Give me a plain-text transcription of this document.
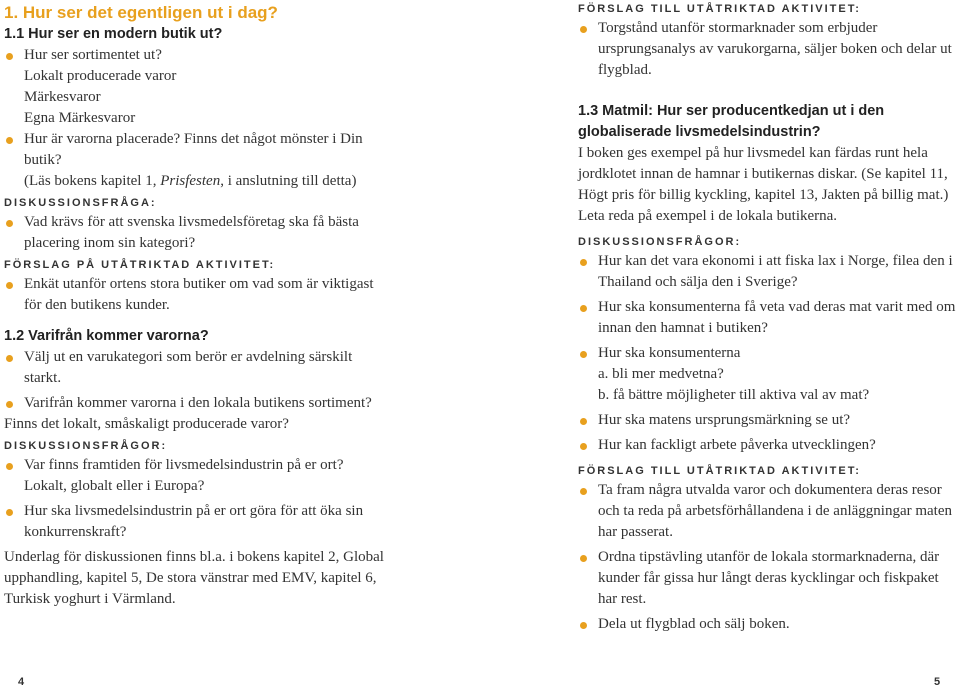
1. Hur ser det egentligen ut i dag?
1.1 Hur ser en modern butik ut?
Hur ser sortimentet ut?
Lokalt producerade varor
Märkesvaror
Egna Märkesvaror
Hur är varorna placerade? Finns det något mönster i Din butik?
(Läs bokens kapitel 1, Prisfesten, i anslutning till detta)
DISKUSSIONSFRÅGA:
Vad krävs för att svenska livsmedelsföretag ska få bästa placering inom sin kategori?
FÖRSLAG PÅ UTÅTRIKTAD AKTIVITET:
Enkät utanför ortens stora butiker om vad som är viktigast för den butikens kunder.
1.2 Varifrån kommer varorna?
Välj ut en varukategori som berör er avdelning särskilt starkt.
Varifrån kommer varorna i den lokala butikens sortiment?
Finns det lokalt, småskaligt producerade varor?
DISKUSSIONSFRÅGOR:
Var finns framtiden för livsmedelsindustrin på er ort? Lokalt, globalt eller i Europa?
Hur ska livsmedelsindustrin på er ort göra för att öka sin konkurrenskraft?
Underlag för diskussionen finns bl.a. i bokens kapitel 2, Global upphandling, kapitel 5, De stora vänstrar med EMV, kapitel 6, Turkisk yoghurt i Värmland.
FÖRSLAG TILL UTÅTRIKTAD AKTIVITET:
Torgstånd utanför stormarknader som erbjuder ursprungsanalys av varukorgarna, säljer boken och delar ut flygblad.
1.3 Matmil: Hur ser producentkedjan ut i den globaliserade livsmedelsindustrin?
I boken ges exempel på hur livsmedel kan färdas runt hela jordklotet innan de hamnar i butikernas diskar. (Se kapitel 11, Högt pris för billig kyckling, kapitel 13, Jakten på billig mat.) Leta reda på exempel i de lokala butikerna.
DISKUSSIONSFRÅGOR:
Hur kan det vara ekonomi i att fiska lax i Norge, filea den i Thailand och sälja den i Sverige?
Hur ska konsumenterna få veta vad deras mat varit med om innan den hamnat i butiken?
Hur ska konsumenterna
a. bli mer medvetna?
b. få bättre möjligheter till aktiva val av mat?
Hur ska matens ursprungsmärkning se ut?
Hur kan fackligt arbete påverka utvecklingen?
FÖRSLAG TILL UTÅTRIKTAD AKTIVITET:
Ta fram några utvalda varor och dokumentera deras resor och ta reda på arbetsförhållandena i de anläggningar maten har passerat.
Ordna tipstävling utanför de lokala stormarknaderna, där kunder får gissa hur långt deras kycklingar och fiskpaket har rest.
Dela ut flygblad och sälj boken.
4	5
